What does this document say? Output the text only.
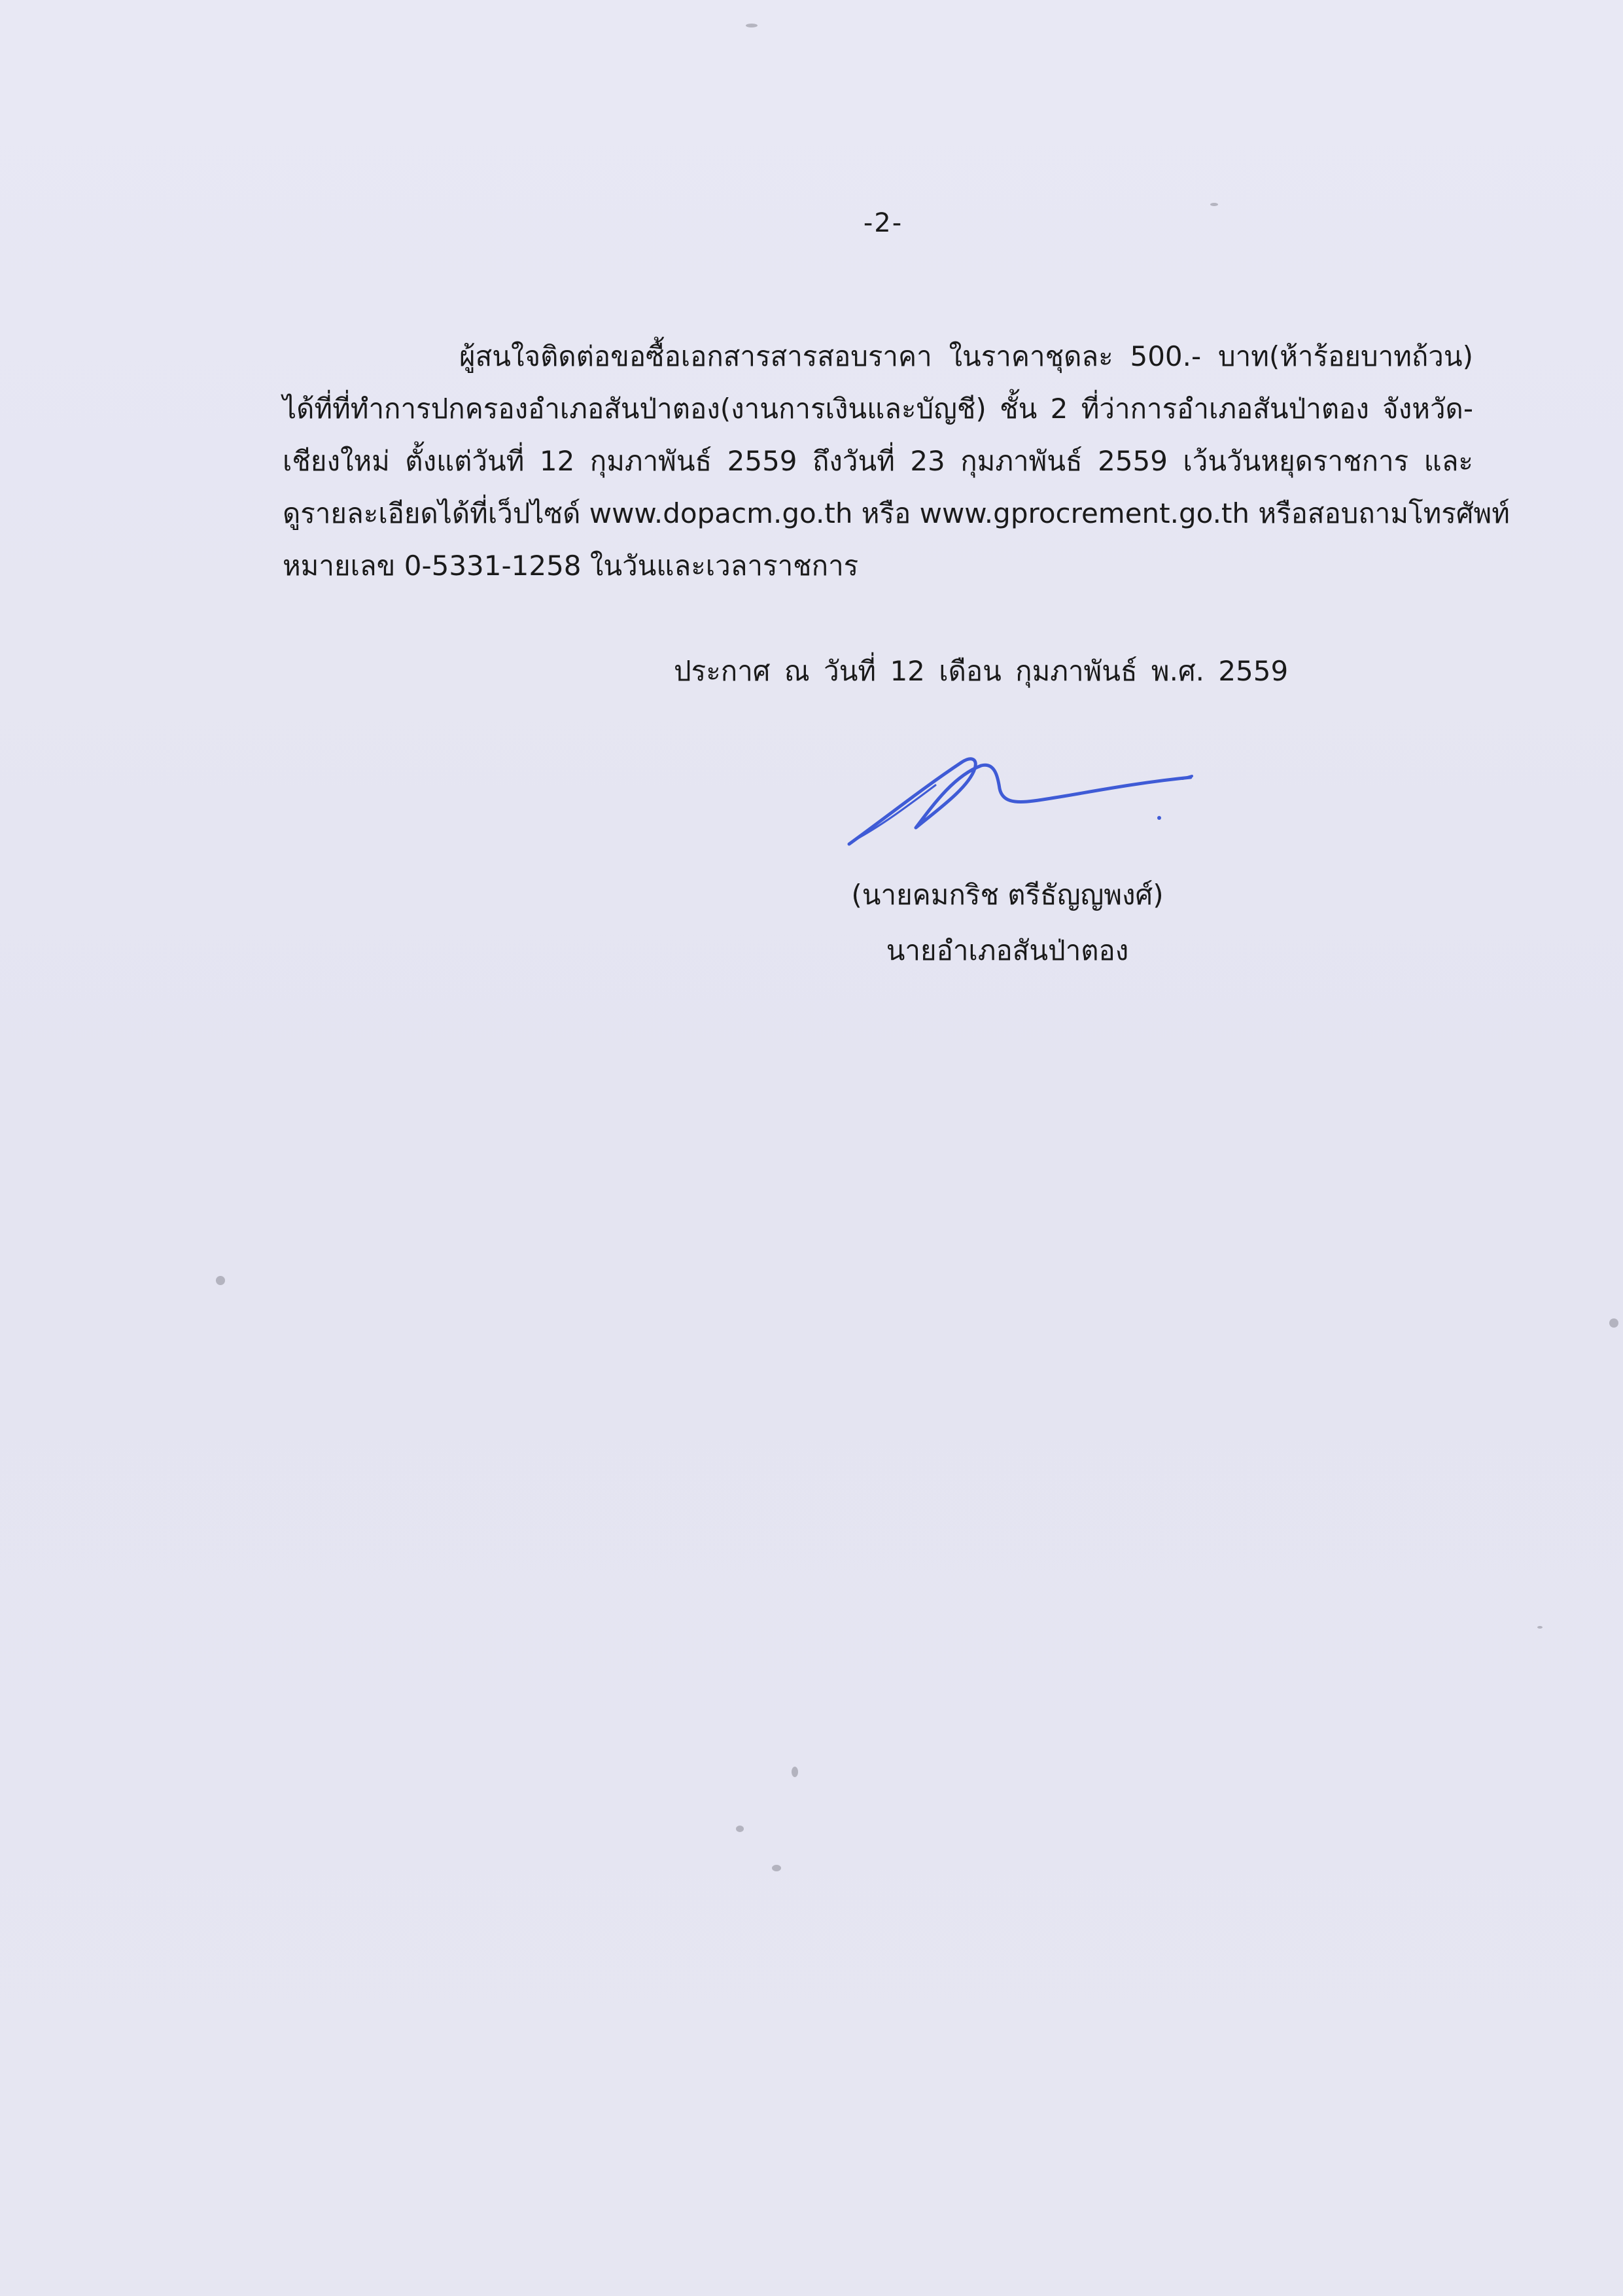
-2-
ผู้สนใจติดต่อขอซื้อเอกสารสารสอบราคา ในราคาชุดละ 500.- บาท(ห้าร้อยบาทถ้วน)
ได้ที่ที่ทำการปกครองอำเภอสันป่าตอง(งานการเงินและบัญชี) ชั้น 2 ที่ว่าการอำเภอสันป่าตอง จังหวัด-
เชียงใหม่ ตั้งแต่วันที่ 12 กุมภาพันธ์ 2559 ถึงวันที่ 23 กุมภาพันธ์ 2559 เว้นวันหยุดราชการ และ
ดูรายละเอียดได้ที่เว็ปไซด์ www.dopacm.go.th หรือ www.gprocrement.go.th หรือสอบถามโทรศัพท์
หมายเลข 0-5331-1258 ในวันและเวลาราชการ
ประกาศ ณ วันที่ 12 เดือน กุมภาพันธ์ พ.ศ. 2559
(นายคมกริช ตรีธัญญพงศ์)
นายอำเภอสันป่าตอง
